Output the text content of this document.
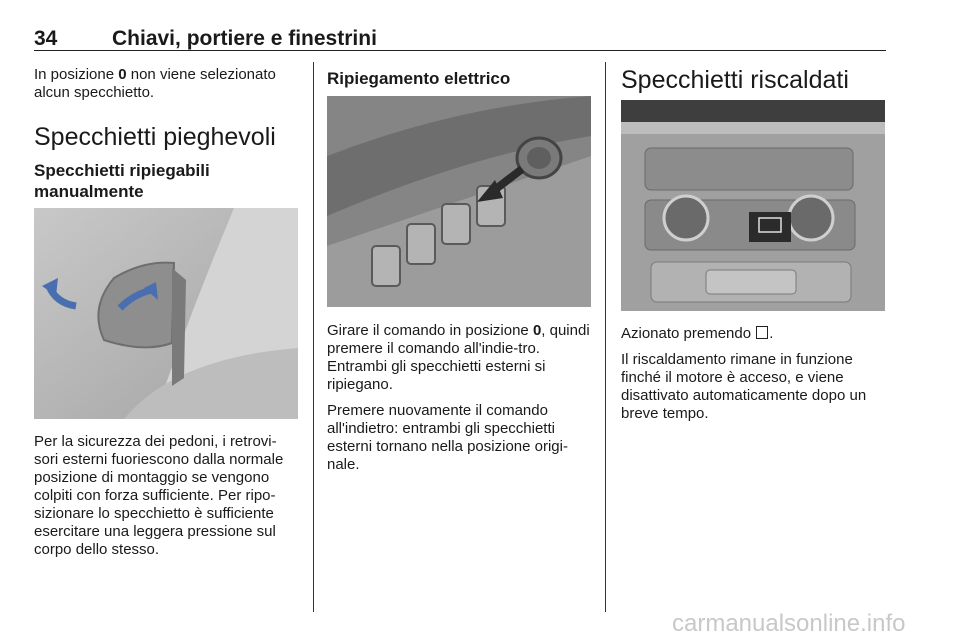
34	Chiavi, portiere e finestrini

In posizione 0 non viene selezionato alcun specchietto.

Specchietti pieghevoli
Specchietti ripiegabili manualmente

Per la sicurezza dei pedoni, i retrovi-sori esterni fuoriescono dalla normale posizione di montaggio se vengono colpiti con forza sufficiente. Per ripo-sizionare lo specchietto è sufficiente esercitare una leggera pressione sul corpo dello stesso.

Ripiegamento elettrico

Girare il comando in posizione 0, quindi premere il comando all'indie-tro. Entrambi gli specchietti esterni si ripiegano.

Premere nuovamente il comando all'indietro: entrambi gli specchietti esterni tornano nella posizione origi-nale.

Specchietti riscaldati

Azionato premendo .

Il riscaldamento rimane in funzione finché il motore è acceso, e viene disattivato automaticamente dopo un breve tempo.

carmanualsonline.info
